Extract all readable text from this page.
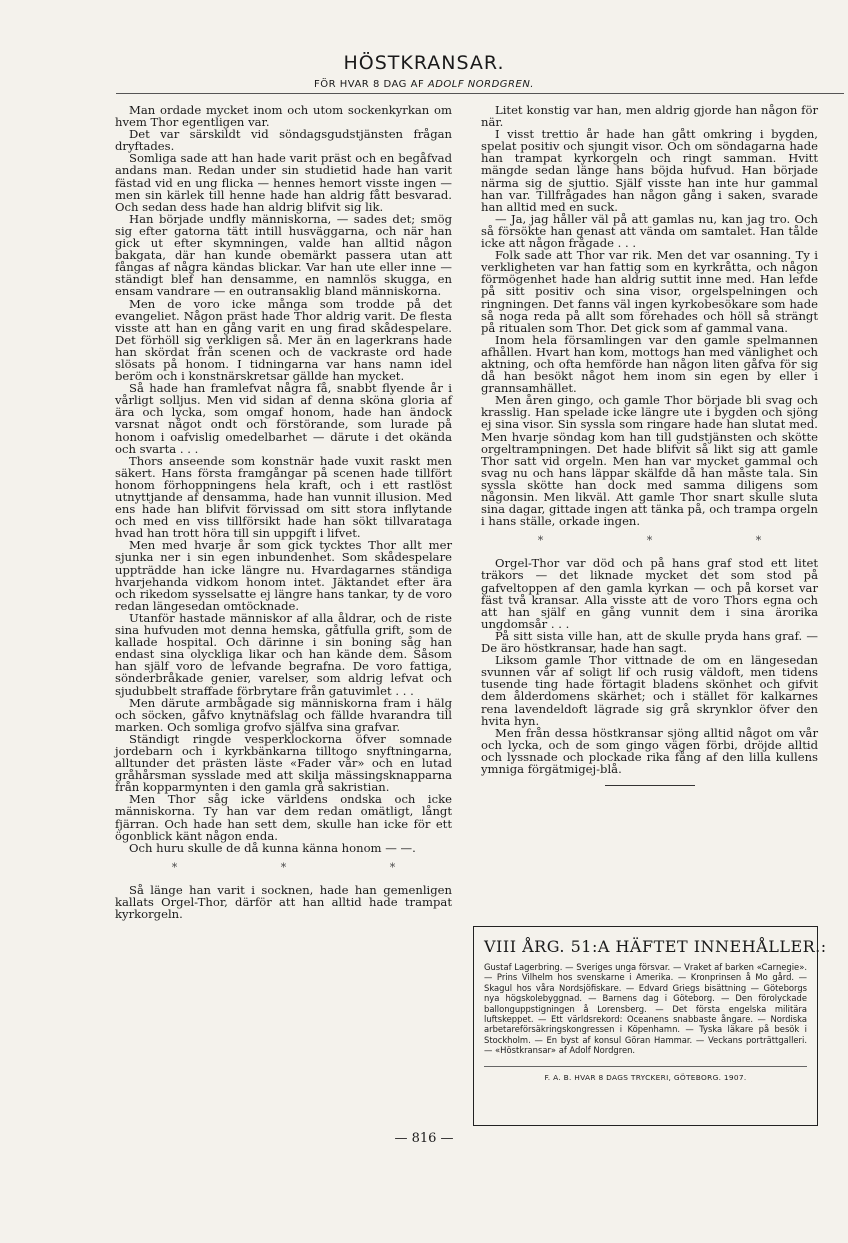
HÖSTKRANSAR.
FÖR HVAR 8 DAG AF ADOLF NORDGREN.

Man ordade mycket inom och utom sockenkyrkan om hvem Thor egentligen var.

Det var särskildt vid söndagsgudstjänsten frågan dryftades.

Somliga sade att han hade varit präst och en begåfvad andans man. Redan under sin studietid hade han varit fästad vid en ung flicka — hennes hemort visste ingen — men sin kärlek till henne hade han aldrig fått besvarad. Och sedan dess hade han aldrig blifvit sig lik.

Han började undfly människorna, — sades det; smög sig efter gatorna tätt intill husväggarna, och när han gick ut efter skymningen, valde han alltid någon bakgata, där han kunde obemärkt passera utan att fångas af några kändas blickar. Var han ute eller inne — ständigt blef han densamme, en namnlös skugga, en ensam vandrare — en outransaklig bland människorna.

Men de voro icke många som trodde på det evangeliet. Någon präst hade Thor aldrig varit. De flesta visste att han en gång varit en ung firad skådespelare. Det förhöll sig verkligen så. Mer än en lagerkrans hade han skördat från scenen och de vackraste ord hade slösats på honom. I tidningarna var hans namn idel beröm och i konstnärskretsar gällde han mycket.

Så hade han framlefvat några få, snabbt flyende år i vårligt solljus. Men vid sidan af denna sköna gloria af ära och lycka, som omgaf honom, hade han ändock varsnat något ondt och förstörande, som lurade på honom i oafvislig omedelbarhet — därute i det okända och svarta . . .

Thors anseende som konstnär hade vuxit raskt men säkert. Hans första framgångar på scenen hade tillfört honom förhoppningens hela kraft, och i ett rastlöst utnyttjande af densamma, hade han vunnit illusion. Med ens hade han blifvit förvissad om sitt stora inflytande och med en viss tillförsikt hade han sökt tillvaratagа hvad han trott höra till sin uppgift i lifvet.

Men med hvarje år som gick tycktes Thor allt mer sjunka ner i sin egen inbundenhet. Som skådespelare uppträdde han icke längre nu. Hvardagarnes ständiga hvarjehanda vidkom honom intet. Jäktandet efter ära och rikedom sysselsatte ej längre hans tankar, ty de voro redan längesedan omtöcknade.

Utanför hastade människor af alla åldrar, och de riste sina hufvuden mot denna hemska, gåtfulla grift, som de kallade hospital. Och därinne i sin boning såg han endast sina olyckliga likar och han kände dem. Såsom han själf voro de lefvande begrafna. De voro fattiga, sönderbråkade genier, varelser, som aldrig lefvat och sjudubbelt straffade förbrytare från gatuvimlet . . .

Men därute armbågade sig människorna fram i hälg och söcken, gåfvo knytnäfslag och fällde hvarandra till marken. Och somliga grofvo själfva sina grafvar.

Ständigt ringde vesperklockorna öfver somnade jordebarn och i kyrkbänkarna tilltogo snyftningarna, alltunder det prästen läste «Fader vår» och en lutad gråhårsman sysslade med att skilja mässingsknapparna från kopparmynten i den gamla grå sakristian.

Men Thor såg icke världens ondska och icke människorna. Ty han var dem redan omätligt, långt fjärran. Och hade han sett dem, skulle han icke för ett ögonblick känt någon enda.

Och huru skulle de då kunna känna honom — —.

* * *

Så länge han varit i socknen, hade han gemenligen kallats Orgel-Thor, därför att han alltid hade trampat kyrkorgeln.

Litet konstig var han, men aldrig gjorde han någon för när.

I visst trettio år hade han gått omkring i bygden, spelat positiv och sjungit visor. Och om söndagarna hade han trampat kyrkorgeln och ringt samman. Hvitt mängde sedan länge hans böjda hufvud. Han började närma sig de sjuttio. Själf visste han inte hur gammal han var. Tillfrågades han någon gång i saken, svarade han alltid med en suck.

— Ja, jag håller väl på att gamlas nu, kan jag tro. Och så försökte han genast att vända om samtalet. Han tålde icke att någon frågade . . .

Folk sade att Thor var rik. Men det var osanning. Ty i verkligheten var han fattig som en kyrkråtta, och någon förmögenhet hade han aldrig suttit inne med. Han lefde på sitt positiv och sina visor, orgelspelningen och ringningen. Det fanns väl ingen kyrkobesökare som hade så noga reda på allt som förehades och höll så strängt på ritualen som Thor. Det gick som af gammal vana.

Inom hela församlingen var den gamle spelmannen afhållen. Hvart han kom, mottogs han med vänlighet och aktning, och ofta hemförde han någon liten gåfva för sig då han besökt något hem inom sin egen by eller i grannsamhället.

Men åren gingo, och gamle Thor började bli svag och krasslig. Han spelade icke längre ute i bygden och sjöng ej sina visor. Sin syssla som ringare hade han slutat med. Men hvarje söndag kom han till gudstjänsten och skötte orgeltrampningen. Det hade blifvit så likt sig att gamle Thor satt vid orgeln. Men han var mycket gammal och svag nu och hans läppar skälfde då han måste tala. Sin syssla skötte han dock med samma diligens som någonsin. Men likväl. Att gamle Thor snart skulle sluta sina dagar, gittade ingen att tänka på, och trampa orgeln i hans ställe, orkade ingen.

* * *

Orgel-Thor var död och på hans graf stod ett litet träkors — det liknade mycket det som stod på gafveltoppen af den gamla kyrkan — och på korset var fäst två kransar. Alla visste att de voro Thors egna och att han själf en gång vunnit dem i sina ärorika ungdomsår . . .

På sitt sista ville han, att de skulle pryda hans graf. — De äro höstkransar, hade han sagt.

Liksom gamle Thor vittnade de om en längesedan svunnen vår af soligt lif och rusig väldoft, men tidens tusende ting hade förtagit bladens skönhet och gifvit dem ålderdomens skärhet; och i stället för kalkarnes rena lavendeldoft lägrade sig grå skrynklor öfver den hvita hyn.

Men från dessa höstkransar sjöng alltid något om vår och lycka, och de som gingo vägen förbi, dröjde alltid och lyssnade och plockade rika fång af den lilla kullens ymniga förgätmigej-blå.

VIII ÅRG. 51:A HÄFTET INNEHÅLLER.:
Gustaf Lagerbring. — Sveriges unga försvar. — Vraket af barken «Carnegie». — Prins Vilhelm hos svenskarne i Amerika. — Kronprinsen å Mo gård. — Skagul hos våra Nordsjöfiskare. — Edvard Griegs bisättning — Göteborgs nya högskolebyggnad. — Barnens dag i Göteborg. — Den förolyckade ballonguppstigningen å Lorensberg. — Det första engelska militära luftskeppet. — Ett världsrekord: Oceanens snabbaste ångare. — Nordiska arbetareförsäkringskongressen i Köpenhamn. — Tyska läkare på besök i Stockholm. — En byst af konsul Göran Hammar. — Veckans porträttgalleri. — «Höstkransar» af Adolf Nordgren.
F. A. B. HVAR 8 DAGS TRYCKERI, GÖTEBORG. 1907.
— 816 —
